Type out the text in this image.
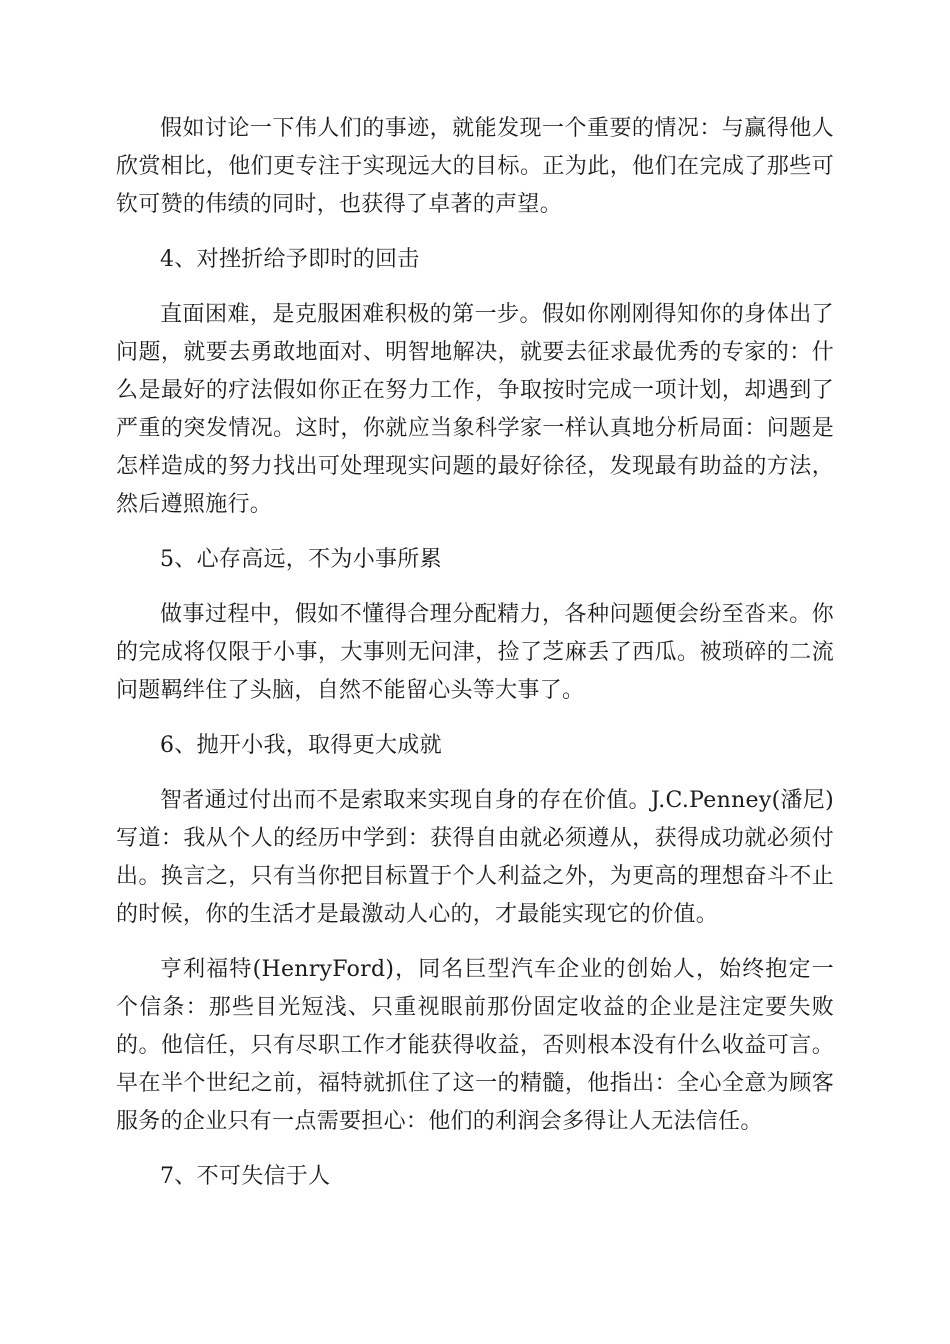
假如讨论一下伟人们的事迹，就能发现一个重要的情况：与赢得他人欣赏相比，他们更专注于实现远大的目标。正为此，他们在完成了那些可钦可赞的伟绩的同时，也获得了卓著的声望。

4、对挫折给予即时的回击

直面困难，是克服困难积极的第一步。假如你刚刚得知你的身体出了问题，就要去勇敢地面对、明智地解决，就要去征求最优秀的专家的：什么是最好的疗法假如你正在努力工作，争取按时完成一项计划，却遇到了严重的突发情况。这时，你就应当象科学家一样认真地分析局面：问题是怎样造成的努力找出可处理现实问题的最好徐径，发现最有助益的方法，然后遵照施行。

5、心存高远，不为小事所累

做事过程中，假如不懂得合理分配精力，各种问题便会纷至沓来。你的完成将仅限于小事，大事则无问津，捡了芝麻丢了西瓜。被琐碎的二流问题羁绊住了头脑，自然不能留心头等大事了。

6、抛开小我，取得更大成就

智者通过付出而不是索取来实现自身的存在价值。J.C.Penney(潘尼)写道：我从个人的经历中学到：获得自由就必须遵从，获得成功就必须付出。换言之，只有当你把目标置于个人利益之外，为更高的理想奋斗不止的时候，你的生活才是最激动人心的，才最能实现它的价值。

亨利福特(HenryFord)，同名巨型汽车企业的创始人，始终抱定一个信条：那些目光短浅、只重视眼前那份固定收益的企业是注定要失败的。他信任，只有尽职工作才能获得收益，否则根本没有什么收益可言。早在半个世纪之前，福特就抓住了这一的精髓，他指出：全心全意为顾客服务的企业只有一点需要担心：他们的利润会多得让人无法信任。

7、不可失信于人
